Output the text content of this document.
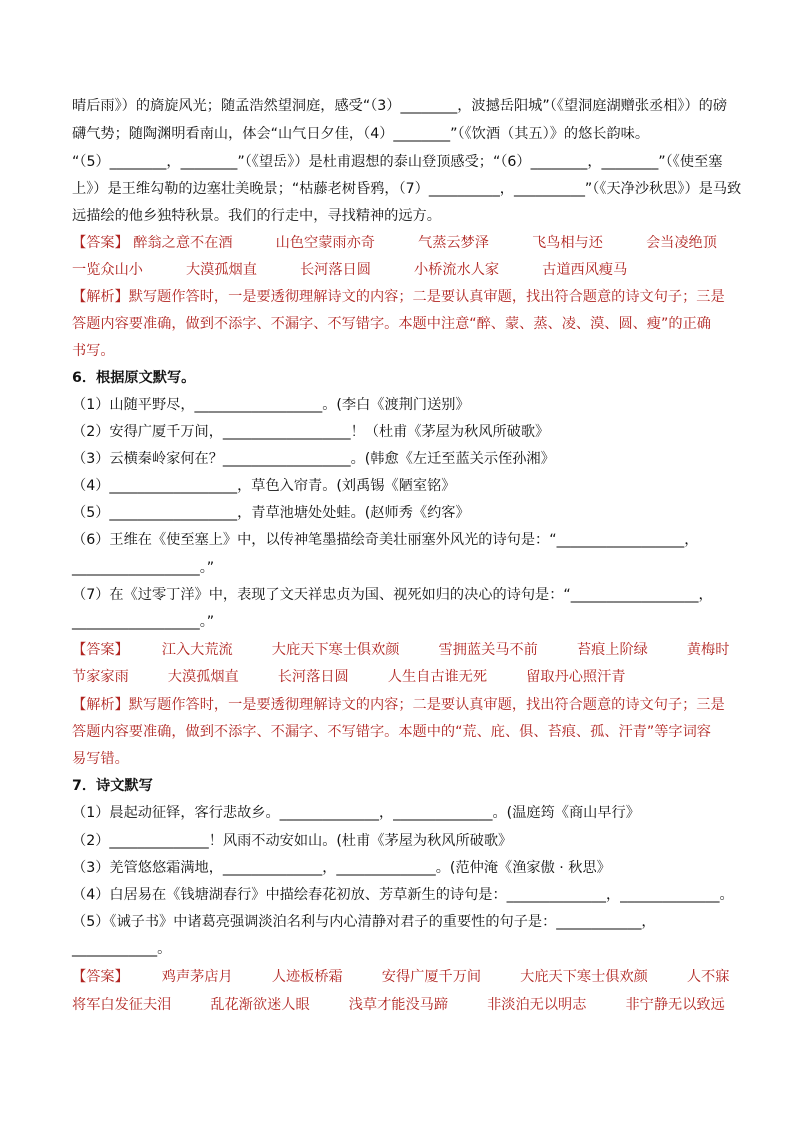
晴后雨》）的旖旋风光；随孟浩然望洞庭，感受“（3）________，波撼岳阳城”（《望洞庭湖赠张丞相》）的磅
礴气势；随陶渊明看南山，体会“山气日夕佳，（4）________”（《饮酒（其五）》的悠长韵味。
“（5）________，________”（《望岳》）是杜甫遐想的泰山登顶感受；“（6）________，________”（《使至塞
上》）是王维勾勒的边塞壮美晚景；“枯藤老树昏鸦，（7）__________，__________”（《天净沙秋思》）是马致
远描绘的他乡独特秋景。我们的行走中，寻找精神的远方。
【答案】 醉翁之意不在酒	山色空蒙雨亦奇	气蒸云梦泽	飞鸟相与还	会当凌绝顶
一览众山小	大漠孤烟直	长河落日圆	小桥流水人家	古道西风瘦马
【解析】默写题作答时，一是要透彻理解诗文的内容；二是要认真审题，找出符合题意的诗文句子；三是
答题内容要准确，做到不添字、不漏字、不写错字。本题中注意“醉、蒙、蒸、凌、漠、圆、瘦”的正确
书写。
6．根据原文默写。
（1）山随平野尽，__________________。(李白《渡荆门送别》
（2）安得广厦千万间，__________________！（杜甫《茅屋为秋风所破歌》
（3）云横秦岭家何在？__________________。(韩愈《左迁至蓝关示侄孙湘》
（4）__________________，草色入帘青。(刘禹锡《陋室铭》
（5）__________________，青草池塘处处蛙。(赵师秀《约客》
（6）王维在《使至塞上》中，以传神笔墨描绘奇美壮丽塞外风光的诗句是：“__________________，
__________________。”
（7）在《过零丁洋》中，表现了文天祥忠贞为国、视死如归的决心的诗句是：“__________________，
__________________。”
【答案】 江入大荒流	大庇天下寒士俱欢颜	雪拥蓝关马不前	苔痕上阶绿	黄梅时
节家家雨	大漠孤烟直	长河落日圆	人生自古谁无死	留取丹心照汗青
【解析】默写题作答时，一是要透彻理解诗文的内容；二是要认真审题，找出符合题意的诗文句子；三是
答题内容要准确，做到不添字、不漏字、不写错字。本题中的“荒、庇、俱、苔痕、孤、汗青”等字词容
易写错。
7．诗文默写
（1）晨起动征铎，客行悲故乡。______________，______________。(温庭筠《商山早行》
（2）______________！风雨不动安如山。(杜甫《茅屋为秋风所破歌》
（3）羌管悠悠霜满地，______________，______________。(范仲淹《渔家傲 · 秋思》
（4）白居易在《钱塘湖春行》中描绘春花初放、芳草新生的诗句是：______________，______________。
（5）《诫子书》中诸葛亮强调淡泊名利与内心清静对君子的重要性的句子是：____________，
____________。
【答案】 鸡声茅店月	人迹板桥霜	安得广厦千万间	大庇天下寒士俱欢颜	人不寐
将军白发征夫泪	乱花渐欲迷人眼	浅草才能没马蹄	非淡泊无以明志	非宁静无以致远
